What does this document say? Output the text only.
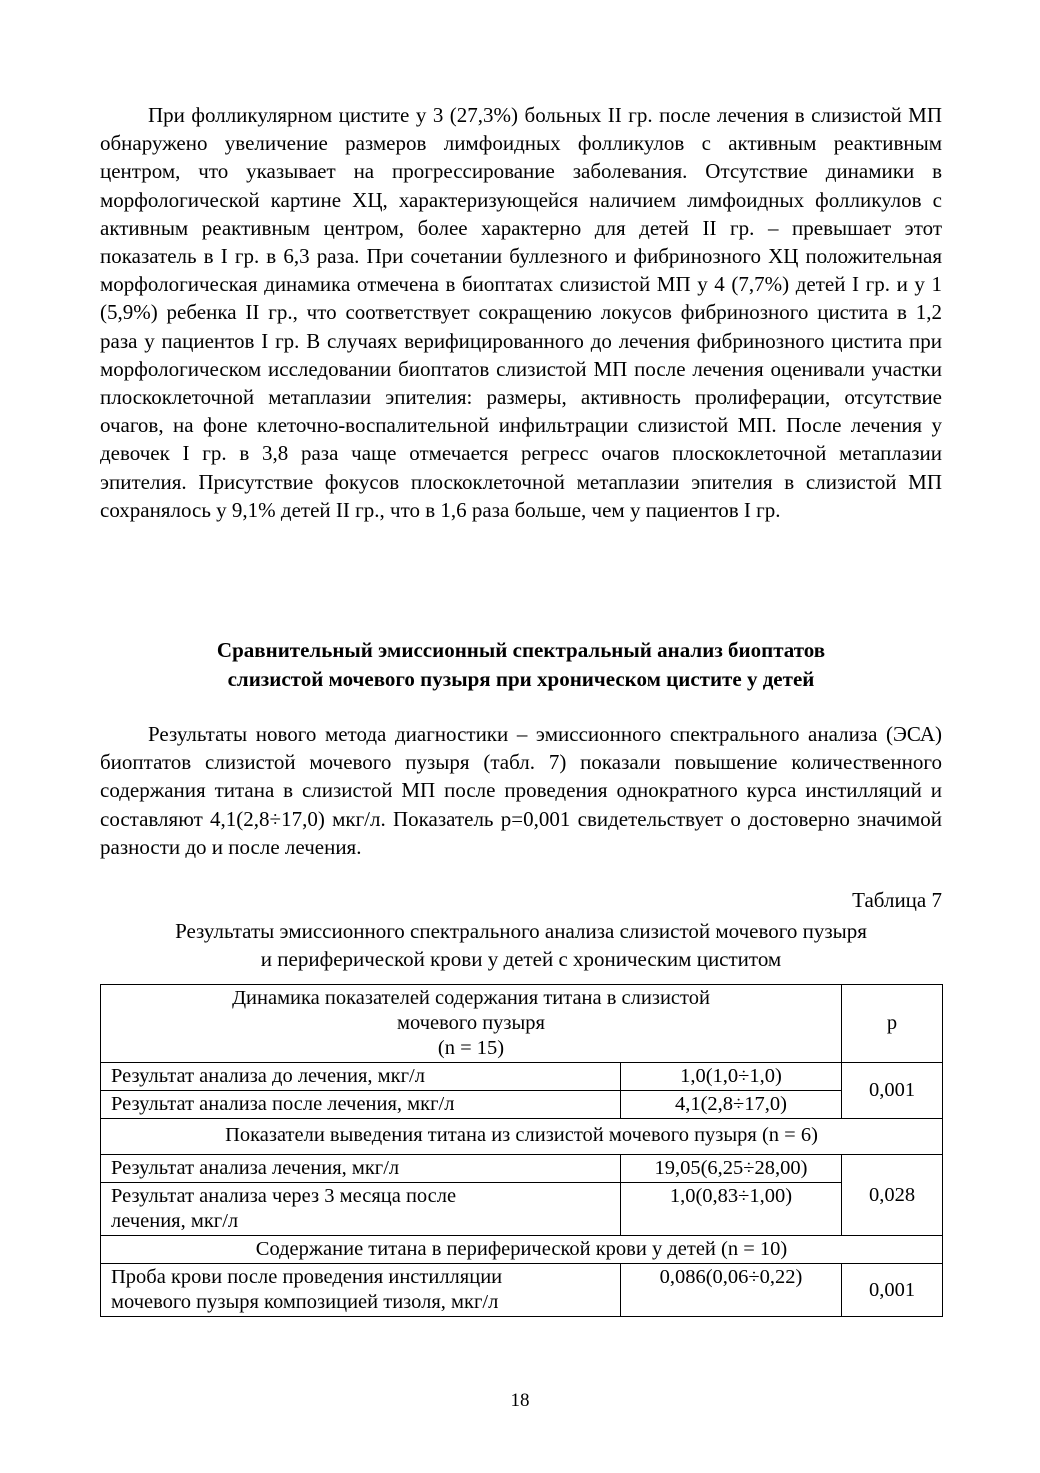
При фолликулярном цистите у 3 (27,3%) больных II гр. после лечения в слизистой МП обнаружено увеличение размеров лимфоидных фолликулов с активным реактивным центром, что указывает на прогрессирование заболевания. Отсутствие динамики в морфологической картине ХЦ, характеризующейся наличием лимфоидных фолликулов с активным реактивным центром, более характерно для детей II гр. – превышает этот показатель в I гр. в 6,3 раза. При сочетании буллезного и фибринозного ХЦ положительная морфологическая динамика отмечена в биоптатах слизистой МП у 4 (7,7%) детей I гр. и у 1 (5,9%) ребенка II гр., что соответствует сокращению локусов фибринозного цистита в 1,2 раза у пациентов I гр. В случаях верифицированного до лечения фибринозного цистита при морфологическом исследовании биоптатов слизистой МП после лечения оценивали участки плоскоклеточной метаплазии эпителия: размеры, активность пролиферации, отсутствие очагов, на фоне клеточно-воспалительной инфильтрации слизистой МП. После лечения у девочек I гр. в 3,8 раза чаще отмечается регресс очагов плоскоклеточной метаплазии эпителия. Присутствие фокусов плоскоклеточной метаплазии эпителия в слизистой МП сохранялось у 9,1% детей II гр., что в 1,6 раза больше, чем у пациентов I гр.

Сравнительный эмиссионный спектральный анализ биоптатов
слизистой мочевого пузыря при хроническом цистите у детей

Результаты нового метода диагностики – эмиссионного спектрального анализа (ЭСА) биоптатов слизистой мочевого пузыря (табл. 7) показали повышение количественного содержания титана в слизистой МП после проведения однократного курса инстилляций и составляют 4,1(2,8÷17,0) мкг/л. Показатель p=0,001 свидетельствует о достоверно значимой разности до и после лечения.

Таблица 7
Результаты эмиссионного спектрального анализа слизистой мочевого пузыря
и периферической крови у детей с хроническим циститом
Динамика показателей содержания титана в слизистой
мочевого пузыря
(n = 15)		p
Результат анализа до лечения, мкг/л	1,0(1,0÷1,0)	0,001
Результат анализа после лечения, мкг/л	4,1(2,8÷17,0)	
Показатели выведения титана из слизистой мочевого пузыря (n = 6)		
Результат анализа лечения, мкг/л	19,05(6,25÷28,00)	0,028

Результат анализа через 3 месяца после
лечения, мкг/л	1,0(0,83÷1,00)	
Содержание титана в периферической крови у детей (n = 10)		

Проба крови после проведения инстилляции
мочевого пузыря композицией тизоля, мкг/л	0,086(0,06÷0,22)	0,001
18
